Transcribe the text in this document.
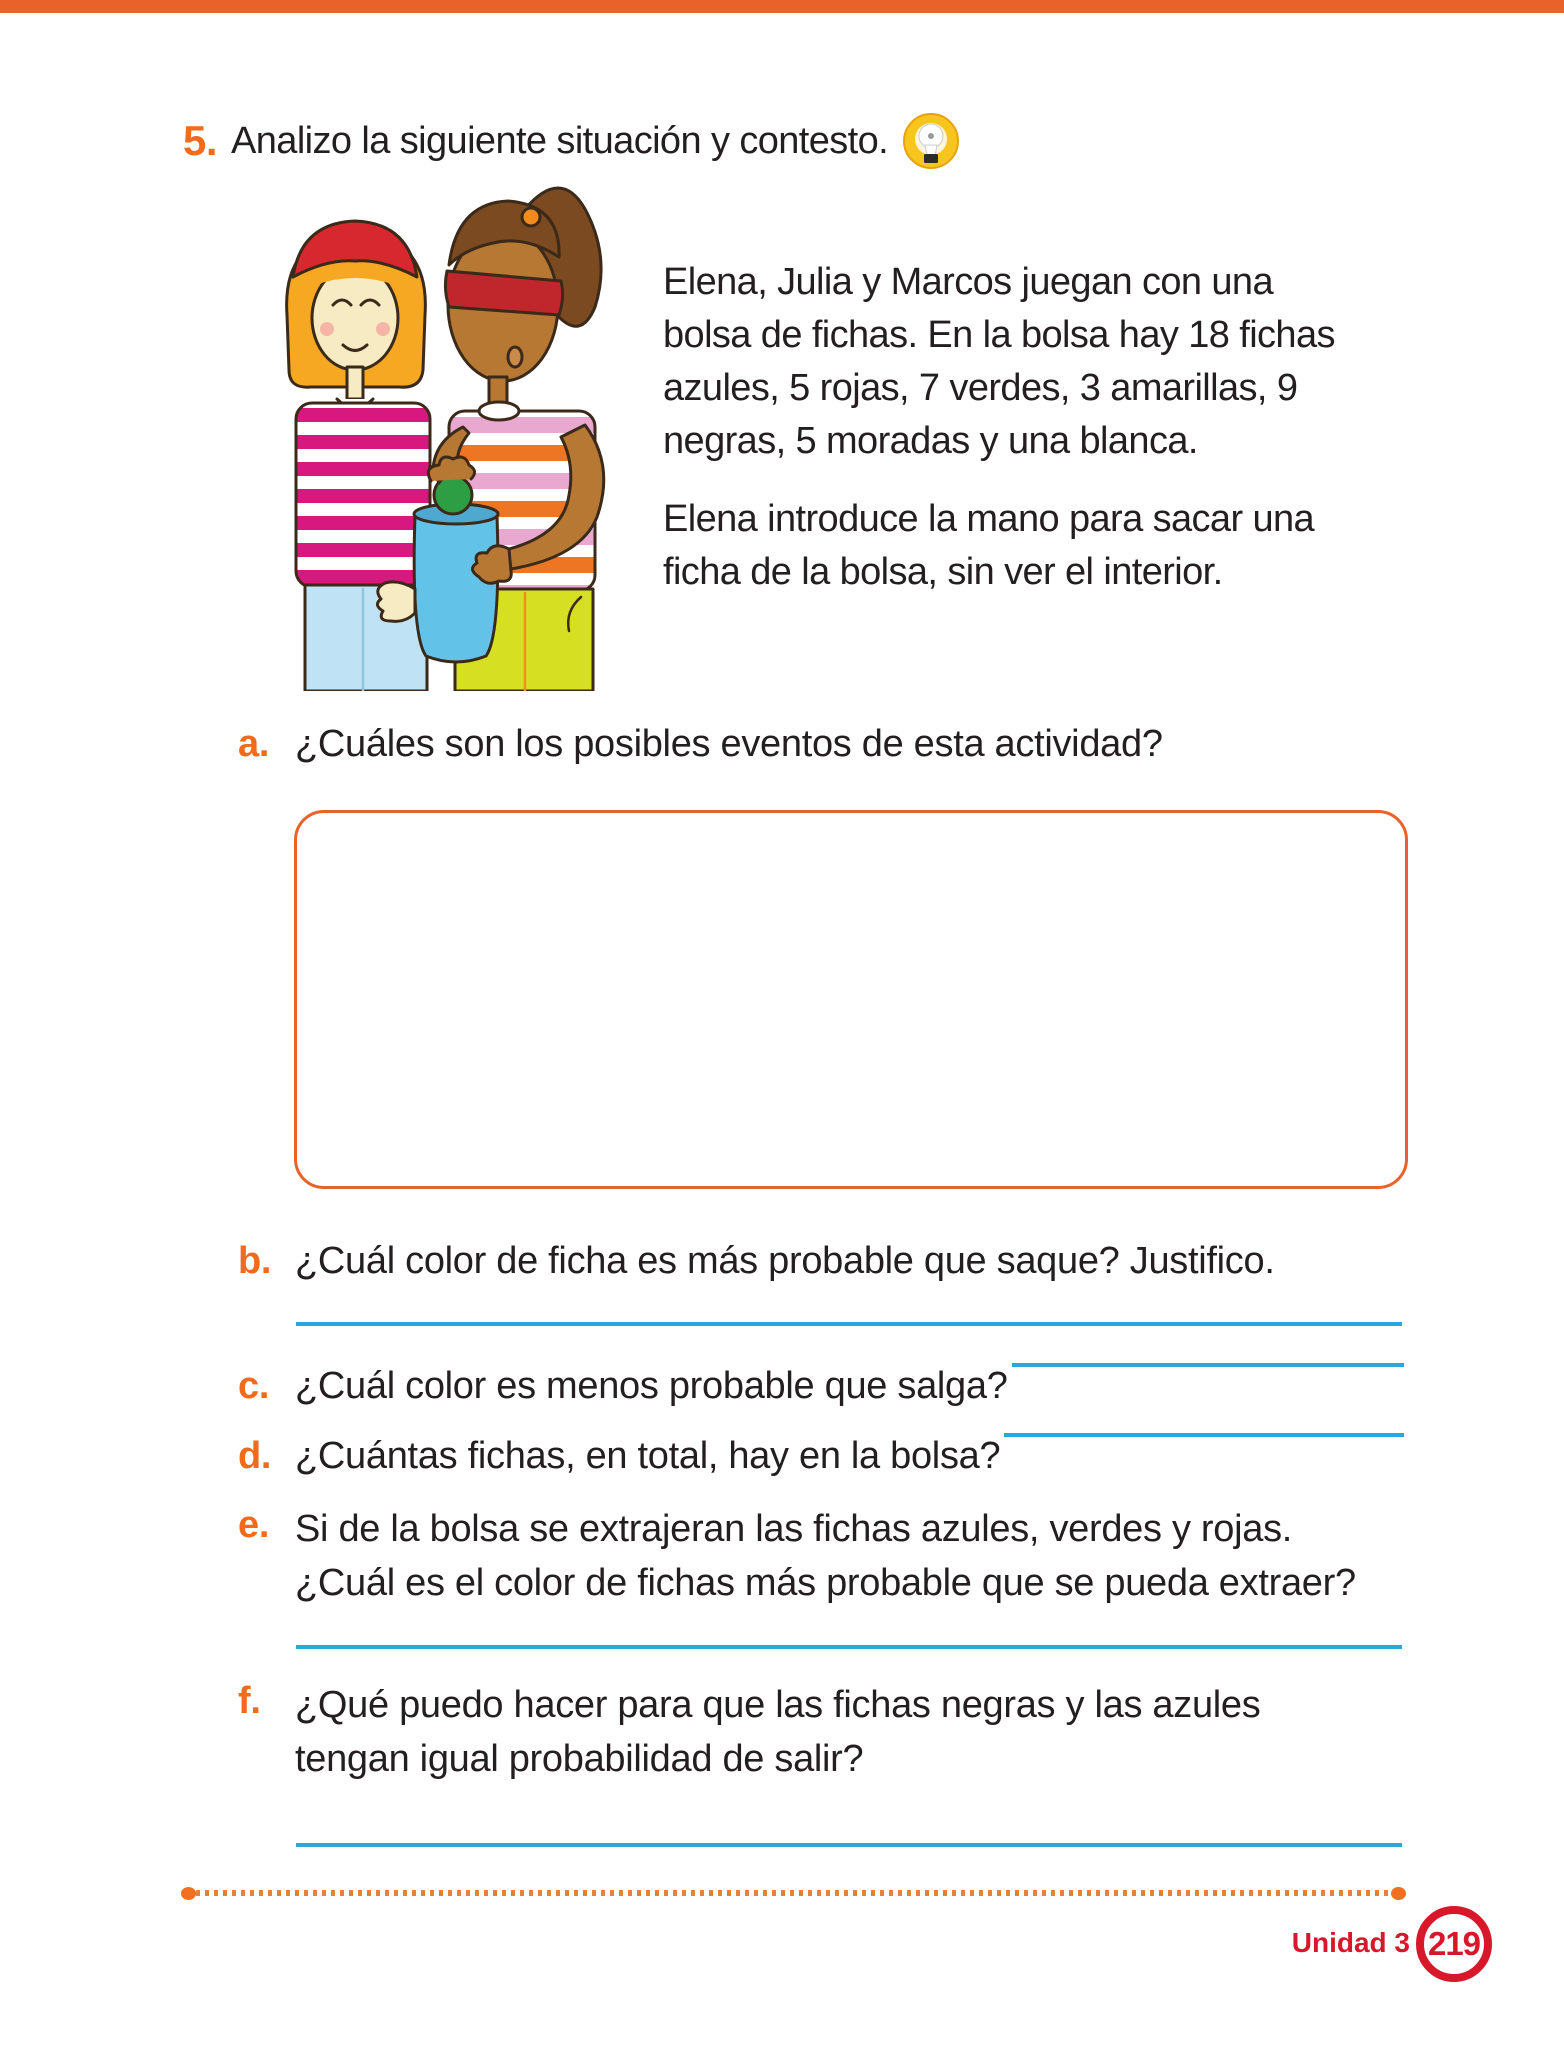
5. Analizo la siguiente situación y contesto.
Elena, Julia y Marcos juegan con una
bolsa de fichas. En la bolsa hay 18 fichas
azules, 5 rojas, 7 verdes, 3 amarillas, 9
negras, 5 moradas y una blanca.
Elena introduce la mano para sacar una
ficha de la bolsa, sin ver el interior.
a. ¿Cuáles son los posibles eventos de esta actividad?
b. ¿Cuál color de ficha es más probable que saque? Justifico.
c. ¿Cuál color es menos probable que salga?
d. ¿Cuántas fichas, en total, hay en la bolsa?
e. Si de la bolsa se extrajeran las fichas azules, verdes y rojas.
¿Cuál es el color de fichas más probable que se pueda extraer?
f. ¿Qué puedo hacer para que las fichas negras y las azules
tengan igual probabilidad de salir?
Unidad 3 219
